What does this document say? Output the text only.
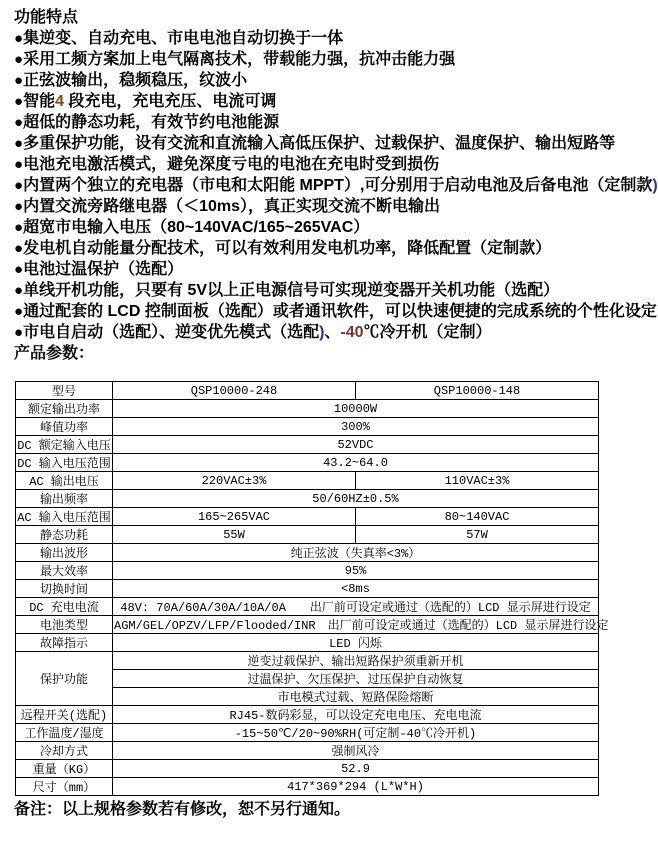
功能特点
●集逆变、自动充电、市电电池自动切换于一体
●采用工频方案加上电气隔离技术，带载能力强，抗冲击能力强
●正弦波输出，稳频稳压，纹波小
●智能4 段充电，充电充压、电流可调
●超低的静态功耗，有效节约电池能源
●多重保护功能，设有交流和直流输入高低压保护、过载保护、温度保护、输出短路等
●电池充电激活模式，避免深度亏电的电池在充电时受到损伤
●内置两个独立的充电器（市电和太阳能 MPPT）,可分别用于启动电池及后备电池（定制款)
●内置交流旁路继电器（＜10ms），真正实现交流不断电输出
●超宽市电输入电压（80~140VAC/165~265VAC）
●发电机自动能量分配技术，可以有效利用发电机功率，降低配置（定制款）
●电池过温保护（选配）
●单线开机功能，只要有 5V以上正电源信号可实现逆变器开关机功能（选配）
●通过配套的 LCD 控制面板（选配）或者通讯软件，可以快速便捷的完成系统的个性化设定
●市电自启动（选配）、逆变优先模式（选配)、-40℃冷开机（定制）
产品参数：
型号	QSP10000-248	QSP10000-148
额定输出功率	10000W	
峰值功率	300%	
DC 额定输入电压	52VDC	
DC 输入电压范围	43.2~64.0	
AC 输出电压	220VAC±3%	110VAC±3%
输出频率	50/60HZ±0.5%	
AC 输入电压范围	165~265VAC	80~140VAC
静态功耗	55W	57W
输出波形	纯正弦波（失真率<3%）	
最大效率	95%	
切换时间	<8ms	
DC 充电电流	48V: 70A/60A/30A/10A/0A　　出厂前可设定或通过（选配的）LCD 显示屏进行设定	
电池类型	AGM/GEL/OPZV/LFP/Flooded/INR　出厂前可设定或通过（选配的）LCD 显示屏进行设定	
故障指示	LED 闪烁	
保护功能	逆变过载保护、输出短路保护须重新开机	
	过温保护、欠压保护、过压保护自动恢复	
	市电模式过载、短路保险熔断	
远程开关(选配)	RJ45-数码彩显，可以设定充电电压、充电电流	
工作温度/湿度	-15~50℃/20~90%RH(可定制-40℃冷开机)	
冷却方式	强制风冷	
重量（KG）	52.9	
尺寸（mm）	417*369*294 (L*W*H)	
备注：以上规格参数若有修改，恕不另行通知。
